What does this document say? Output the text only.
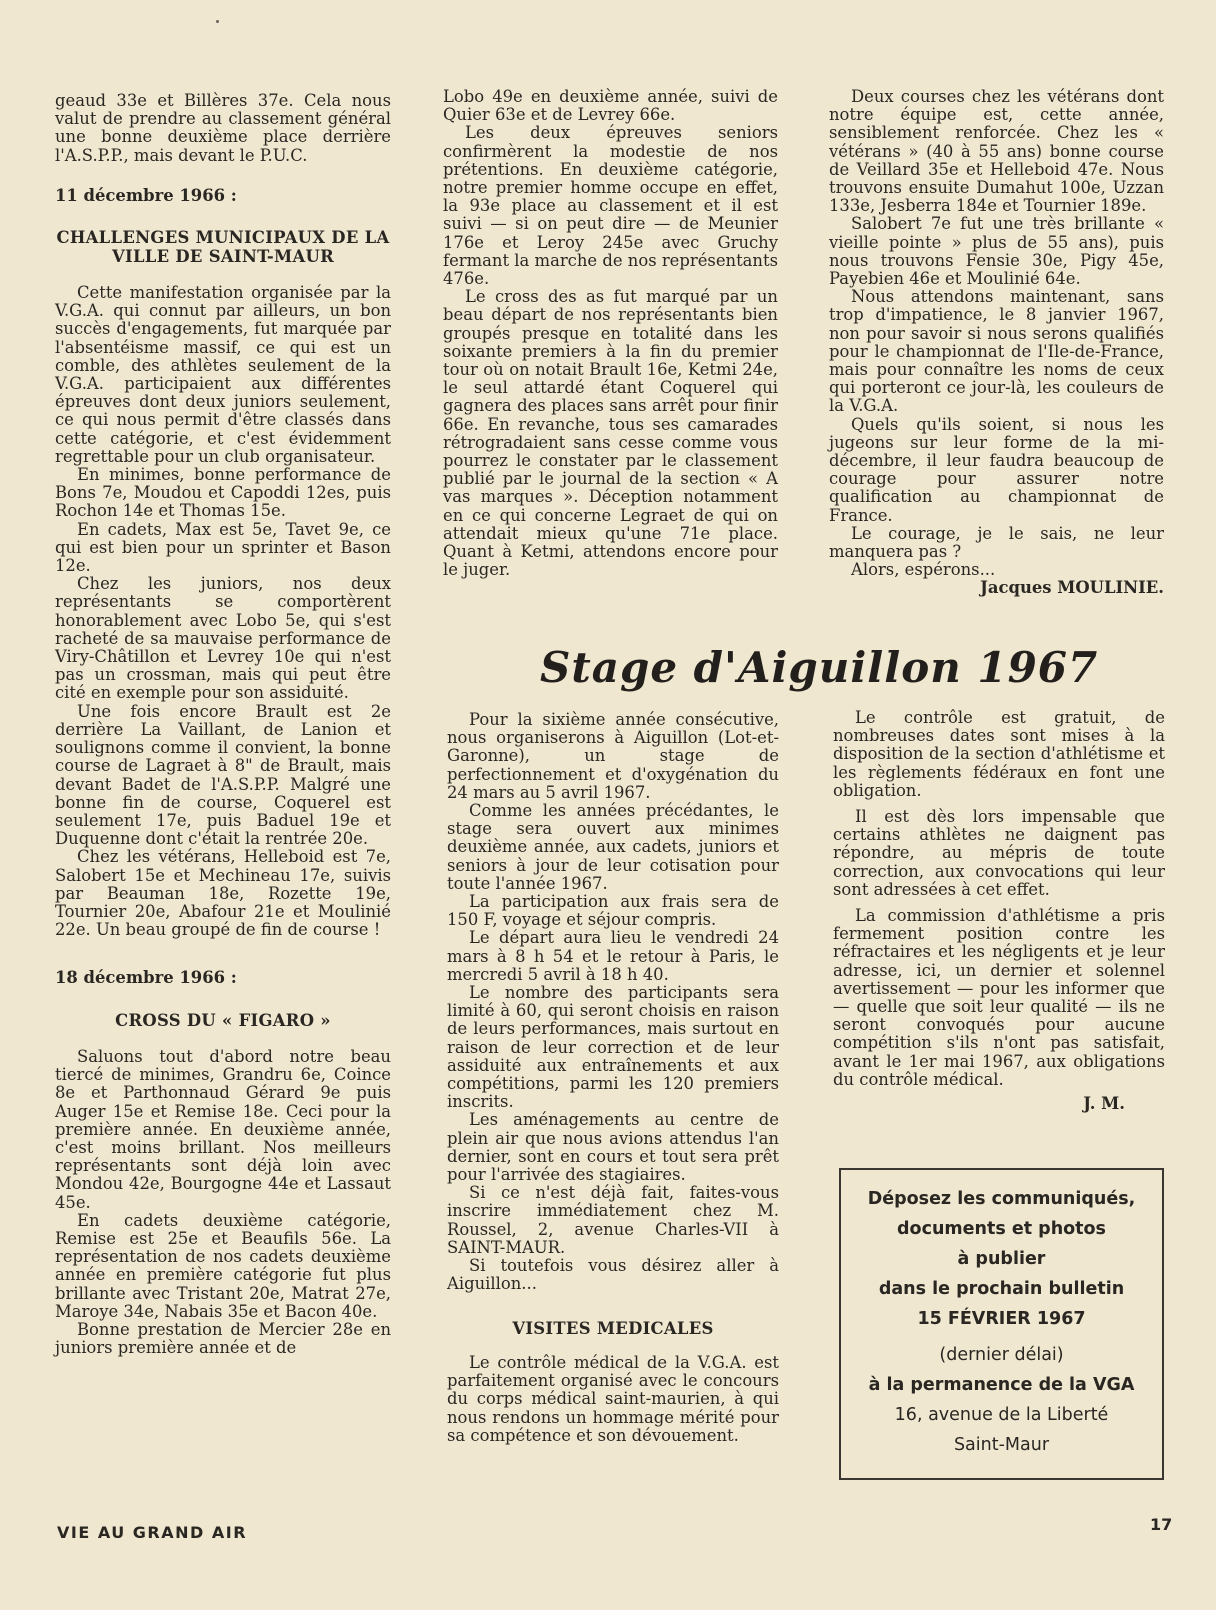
geaud 33e et Billères 37e. Cela nous valut de prendre au classement général une bonne deuxième place derrière l'A.S.P.P., mais devant le P.U.C.

11 décembre 1966 :

CHALLENGES MUNICIPAUX DE LA VILLE DE SAINT-MAUR

Cette manifestation organisée par la V.G.A. qui connut par ailleurs, un bon succès d'engagements, fut marquée par l'absentéisme massif, ce qui est un comble, des athlètes seulement de la V.G.A. participaient aux différentes épreuves dont deux juniors seulement, ce qui nous permit d'être classés dans cette catégorie, et c'est évidemment regrettable pour un club organisateur.

En minimes, bonne performance de Bons 7e, Moudou et Capoddi 12es, puis Rochon 14e et Thomas 15e.

En cadets, Max est 5e, Tavet 9e, ce qui est bien pour un sprinter et Bason 12e.

Chez les juniors, nos deux représentants se comportèrent honorablement avec Lobo 5e, qui s'est racheté de sa mauvaise performance de Viry-Châtillon et Levrey 10e qui n'est pas un crossman, mais qui peut être cité en exemple pour son assiduité.

Une fois encore Brault est 2e derrière La Vaillant, de Lanion et soulignons comme il convient, la bonne course de Lagraet à 8" de Brault, mais devant Badet de l'A.S.P.P. Malgré une bonne fin de course, Coquerel est seulement 17e, puis Baduel 19e et Duquenne dont c'était la rentrée 20e.

Chez les vétérans, Helleboid est 7e, Salobert 15e et Mechineau 17e, suivis par Beauman 18e, Rozette 19e, Tournier 20e, Abafour 21e et Moulinié 22e. Un beau groupé de fin de course !

18 décembre 1966 :

CROSS DU « FIGARO »

Saluons tout d'abord notre beau tiercé de minimes, Grandru 6e, Coince 8e et Parthonnaud Gérard 9e puis Auger 15e et Remise 18e. Ceci pour la première année. En deuxième année, c'est moins brillant. Nos meilleurs représentants sont déjà loin avec Mondou 42e, Bourgogne 44e et Lassaut 45e.

En cadets deuxième catégorie, Remise est 25e et Beaufils 56e. La représentation de nos cadets deuxième année en première catégorie fut plus brillante avec Tristant 20e, Matrat 27e, Maroye 34e, Nabais 35e et Bacon 40e.

Bonne prestation de Mercier 28e en juniors première année et de

Lobo 49e en deuxième année, suivi de Quier 63e et de Levrey 66e.

Les deux épreuves seniors confirmèrent la modestie de nos prétentions. En deuxième catégorie, notre premier homme occupe en effet, la 93e place au classement et il est suivi — si on peut dire — de Meunier 176e et Leroy 245e avec Gruchy fermant la marche de nos représentants 476e.

Le cross des as fut marqué par un beau départ de nos représentants bien groupés presque en totalité dans les soixante premiers à la fin du premier tour où on notait Brault 16e, Ketmi 24e, le seul attardé étant Coquerel qui gagnera des places sans arrêt pour finir 66e. En revanche, tous ses camarades rétrogradaient sans cesse comme vous pourrez le constater par le classement publié par le journal de la section « A vas marques ». Déception notamment en ce qui concerne Legraet de qui on attendait mieux qu'une 71e place. Quant à Ketmi, attendons encore pour le juger.

Deux courses chez les vétérans dont notre équipe est, cette année, sensiblement renforcée. Chez les « vétérans » (40 à 55 ans) bonne course de Veillard 35e et Helleboid 47e. Nous trouvons ensuite Dumahut 100e, Uzzan 133e, Jesberra 184e et Tournier 189e.

Salobert 7e fut une très brillante « vieille pointe » plus de 55 ans), puis nous trouvons Fensie 30e, Pigy 45e, Payebien 46e et Moulinié 64e.

Nous attendons maintenant, sans trop d'impatience, le 8 janvier 1967, non pour savoir si nous serons qualifiés pour le championnat de l'Ile-de-France, mais pour connaître les noms de ceux qui porteront ce jour-là, les couleurs de la V.G.A.

Quels qu'ils soient, si nous les jugeons sur leur forme de la mi-décembre, il leur faudra beaucoup de courage pour assurer notre qualification au championnat de France.

Le courage, je le sais, ne leur manquera pas ?

Alors, espérons...

Jacques MOULINIE.

Stage d'Aiguillon 1967

Pour la sixième année consécutive, nous organiserons à Aiguillon (Lot-et-Garonne), un stage de perfectionnement et d'oxygénation du 24 mars au 5 avril 1967.

Comme les années précédantes, le stage sera ouvert aux minimes deuxième année, aux cadets, juniors et seniors à jour de leur cotisation pour toute l'année 1967.

La participation aux frais sera de 150 F, voyage et séjour compris.

Le départ aura lieu le vendredi 24 mars à 8 h 54 et le retour à Paris, le mercredi 5 avril à 18 h 40.

Le nombre des participants sera limité à 60, qui seront choisis en raison de leurs performances, mais surtout en raison de leur correction et de leur assiduité aux entraînements et aux compétitions, parmi les 120 premiers inscrits.

Les aménagements au centre de plein air que nous avions attendus l'an dernier, sont en cours et tout sera prêt pour l'arrivée des stagiaires.

Si ce n'est déjà fait, faites-vous inscrire immédiatement chez M. Roussel, 2, avenue Charles-VII à SAINT-MAUR.

Si toutefois vous désirez aller à Aiguillon...

VISITES MEDICALES

Le contrôle médical de la V.G.A. est parfaitement organisé avec le concours du corps médical saint-maurien, à qui nous rendons un hommage mérité pour sa compétence et son dévouement.

Le contrôle est gratuit, de nombreuses dates sont mises à la disposition de la section d'athlétisme et les règlements fédéraux en font une obligation.

Il est dès lors impensable que certains athlètes ne daignent pas répondre, au mépris de toute correction, aux convocations qui leur sont adressées à cet effet.

La commission d'athlétisme a pris fermement position contre les réfractaires et les négligents et je leur adresse, ici, un dernier et solennel avertissement — pour les informer que — quelle que soit leur qualité — ils ne seront convoqués pour aucune compétition s'ils n'ont pas satisfait, avant le 1er mai 1967, aux obligations du contrôle médical.

J. M.

Déposez les communiqués,
documents et photos
à publier
dans le prochain bulletin
15 FÉVRIER 1967
(dernier délai)
à la permanence de la VGA
16, avenue de la Liberté
Saint-Maur
VIE AU GRAND AIR	17
